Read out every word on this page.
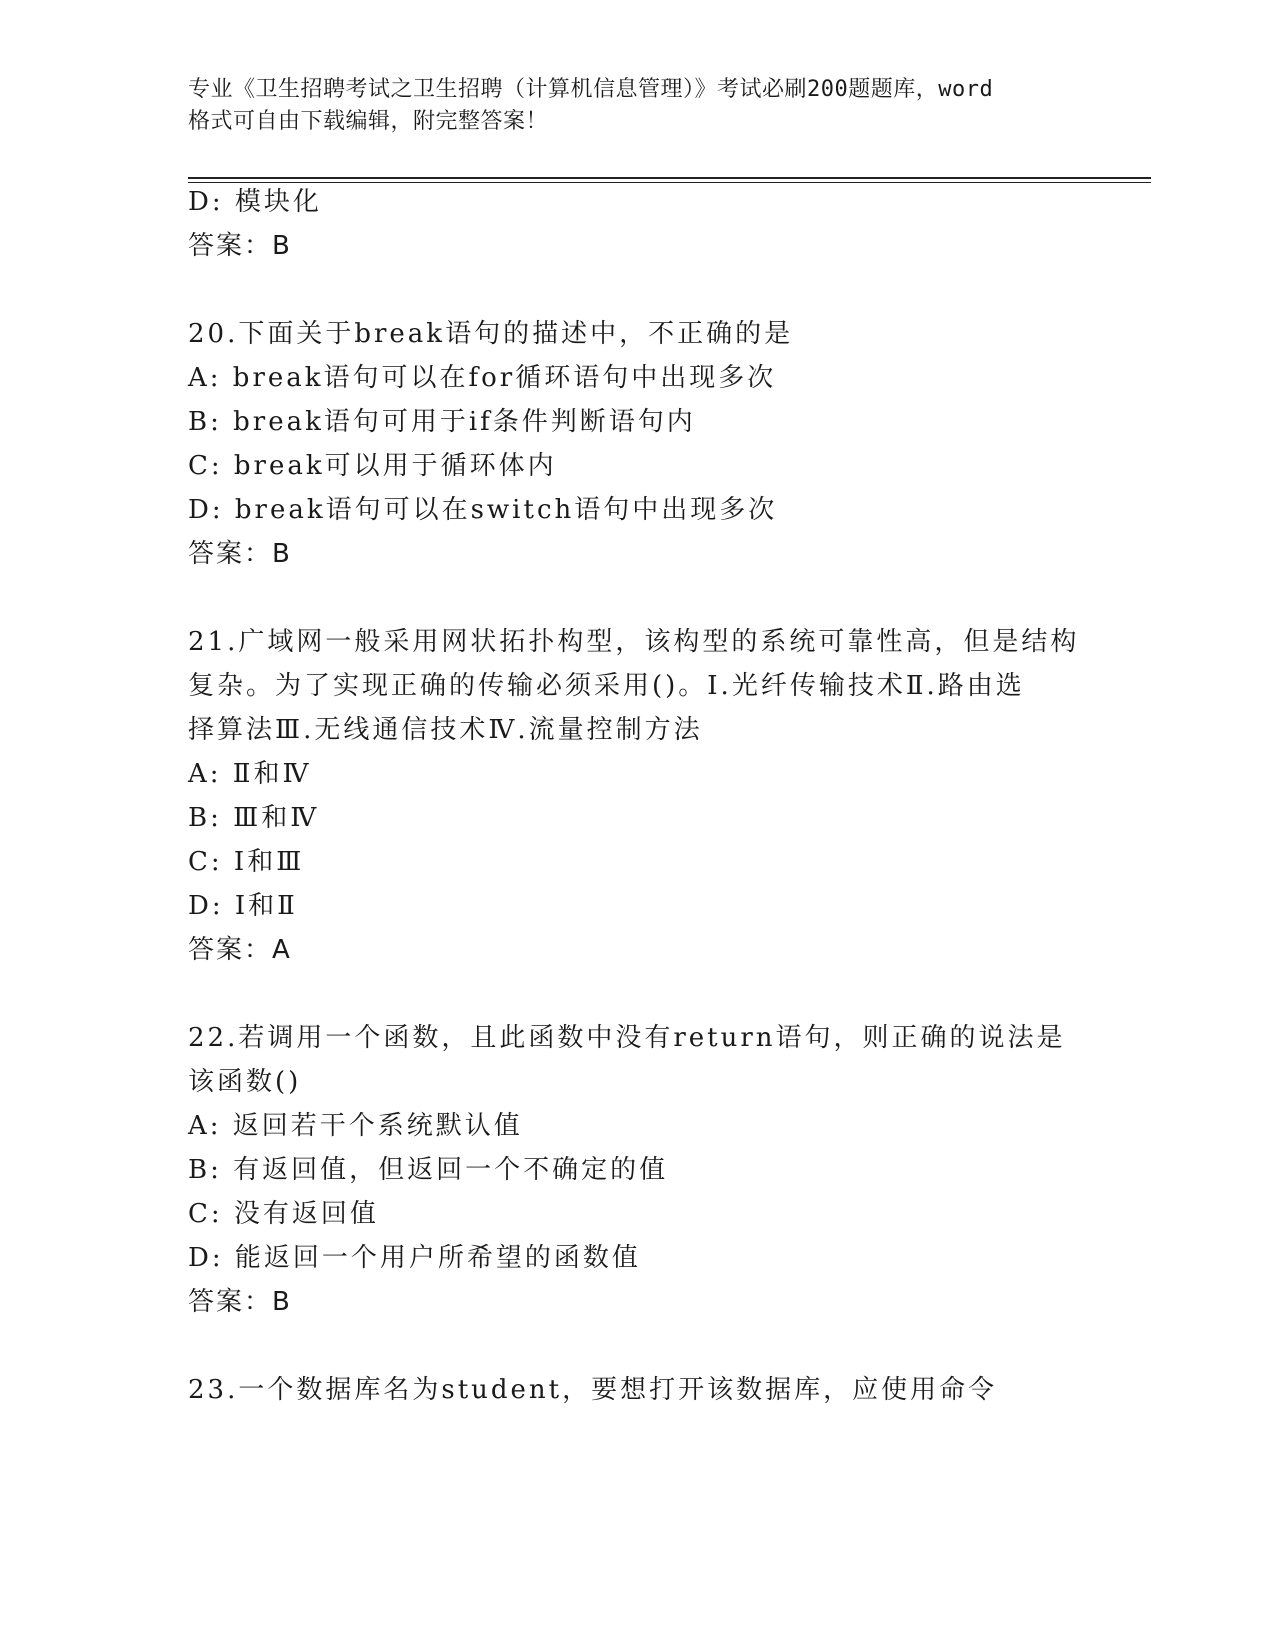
专业《卫生招聘考试之卫生招聘（计算机信息管理）》考试必刷200题题库，word
格式可自由下载编辑，附完整答案！
D: 模块化
答案：B
20.下面关于break语句的描述中，不正确的是
A: break语句可以在for循环语句中出现多次
B: break语句可用于if条件判断语句内
C: break可以用于循环体内
D: break语句可以在switch语句中出现多次
答案：B
21.广域网一般采用网状拓扑构型，该构型的系统可靠性高，但是结构
复杂。为了实现正确的传输必须采用()。Ⅰ.光纤传输技术Ⅱ.路由选
择算法Ⅲ.无线通信技术Ⅳ.流量控制方法
A: Ⅱ和Ⅳ
B: Ⅲ和Ⅳ
C: Ⅰ和Ⅲ
D: Ⅰ和Ⅱ
答案：A
22.若调用一个函数，且此函数中没有return语句，则正确的说法是
该函数()
A: 返回若干个系统默认值
B: 有返回值，但返回一个不确定的值
C: 没有返回值
D: 能返回一个用户所希望的函数值
答案：B
23.一个数据库名为student，要想打开该数据库，应使用命令
